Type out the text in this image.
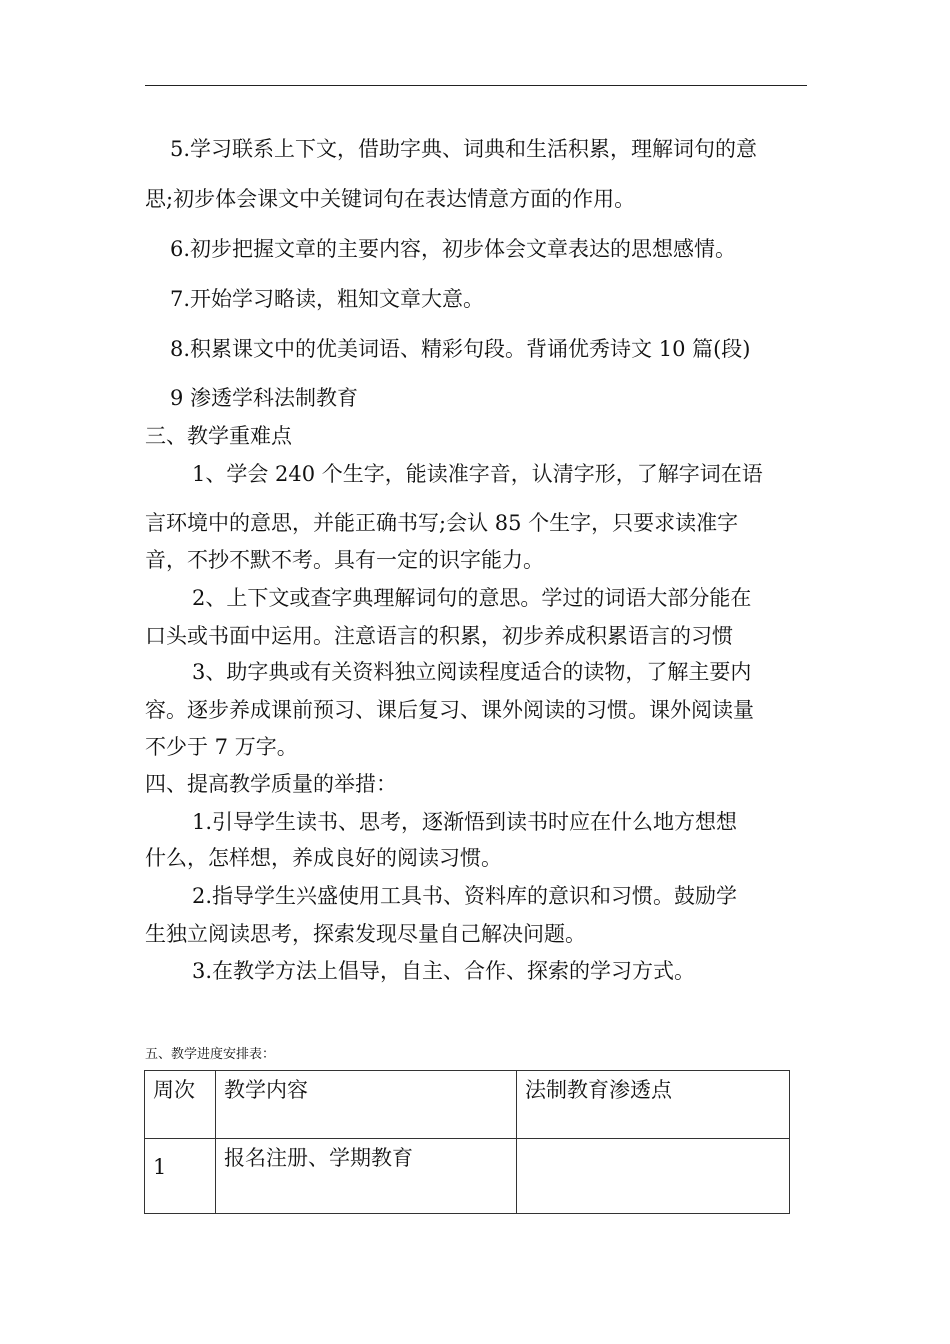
5.学习联系上下文，借助字典、词典和生活积累，理解词句的意

思;初步体会课文中关键词句在表达情意方面的作用。

6.初步把握文章的主要内容，初步体会文章表达的思想感情。

7.开始学习略读，粗知文章大意。

8.积累课文中的优美词语、精彩句段。背诵优秀诗文 10 篇(段)

9 渗透学科法制教育

三、教学重难点

1、学会 240 个生字，能读准字音，认清字形，了解字词在语

言环境中的意思，并能正确书写;会认 85 个生字，只要求读准字

音，不抄不默不考。具有一定的识字能力。

2、上下文或查字典理解词句的意思。学过的词语大部分能在

口头或书面中运用。注意语言的积累，初步养成积累语言的习惯

3、助字典或有关资料独立阅读程度适合的读物，了解主要内

容。逐步养成课前预习、课后复习、课外阅读的习惯。课外阅读量

不少于 7 万字。

四、提高教学质量的举措：

1.引导学生读书、思考，逐渐悟到读书时应在什么地方想想

什么，怎样想，养成良好的阅读习惯。

2.指导学生兴盛使用工具书、资料库的意识和习惯。鼓励学

生独立阅读思考，探索发现尽量自己解决问题。

3.在教学方法上倡导，自主、合作、探索的学习方式。

五、教学进度安排表：
周次	教学内容	法制教育渗透点

1	报名注册、学期教育	
